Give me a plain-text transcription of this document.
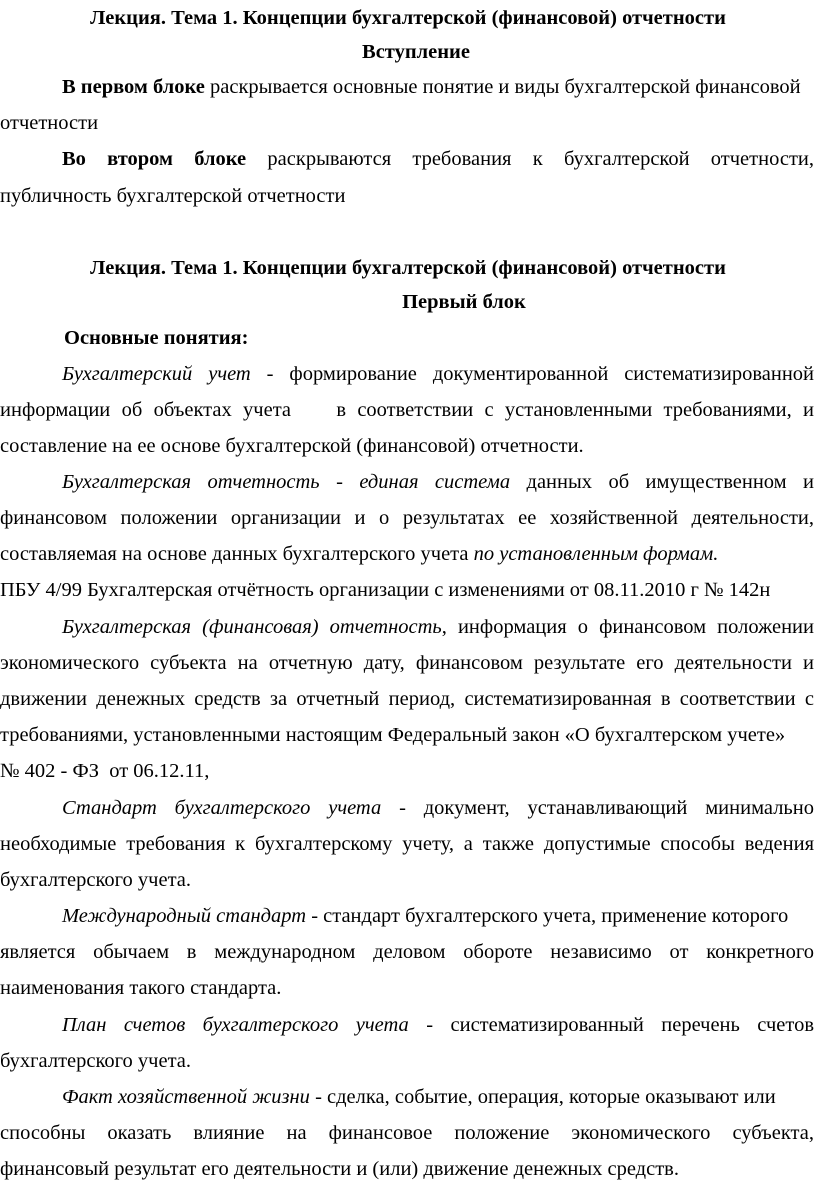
Лекция. Тема 1. Концепции бухгалтерской (финансовой) отчетности
Вступление
В первом блоке раскрывается основные понятие и виды бухгалтерской финансовой
отчетности
Во втором блоке раскрываются требования к бухгалтерской отчетности,
публичность бухгалтерской отчетности
Лекция. Тема 1. Концепции бухгалтерской (финансовой) отчетности
Первый блок
Основные понятия:
Бухгалтерский учет - формирование документированной систематизированной
информации об объектах учета    в соответствии с установленными требованиями, и
составление на ее основе бухгалтерской (финансовой) отчетности.
Бухгалтерская отчетность - единая система данных об имущественном и
финансовом положении организации и о результатах ее хозяйственной деятельности,
составляемая на основе данных бухгалтерского учета по установленным формам.
ПБУ 4/99 Бухгалтерская отчётность организации с изменениями от 08.11.2010 г № 142н
Бухгалтерская (финансовая) отчетность, информация о финансовом положении
экономического субъекта на отчетную дату, финансовом результате его деятельности и
движении денежных средств за отчетный период, систематизированная в соответствии с
требованиями, установленными настоящим Федеральный закон «О бухгалтерском учете»
№ 402 - ФЗ  от 06.12.11,
Стандарт бухгалтерского учета - документ, устанавливающий минимально
необходимые требования к бухгалтерскому учету, а также допустимые способы ведения
бухгалтерского учета.
Международный стандарт - стандарт бухгалтерского учета, применение которого
является обычаем в международном деловом обороте независимо от конкретного
наименования такого стандарта.
План счетов бухгалтерского учета - систематизированный перечень счетов
бухгалтерского учета.
Факт хозяйственной жизни - сделка, событие, операция, которые оказывают или
способны оказать влияние на финансовое положение экономического субъекта,
финансовый результат его деятельности и (или) движение денежных средств.
